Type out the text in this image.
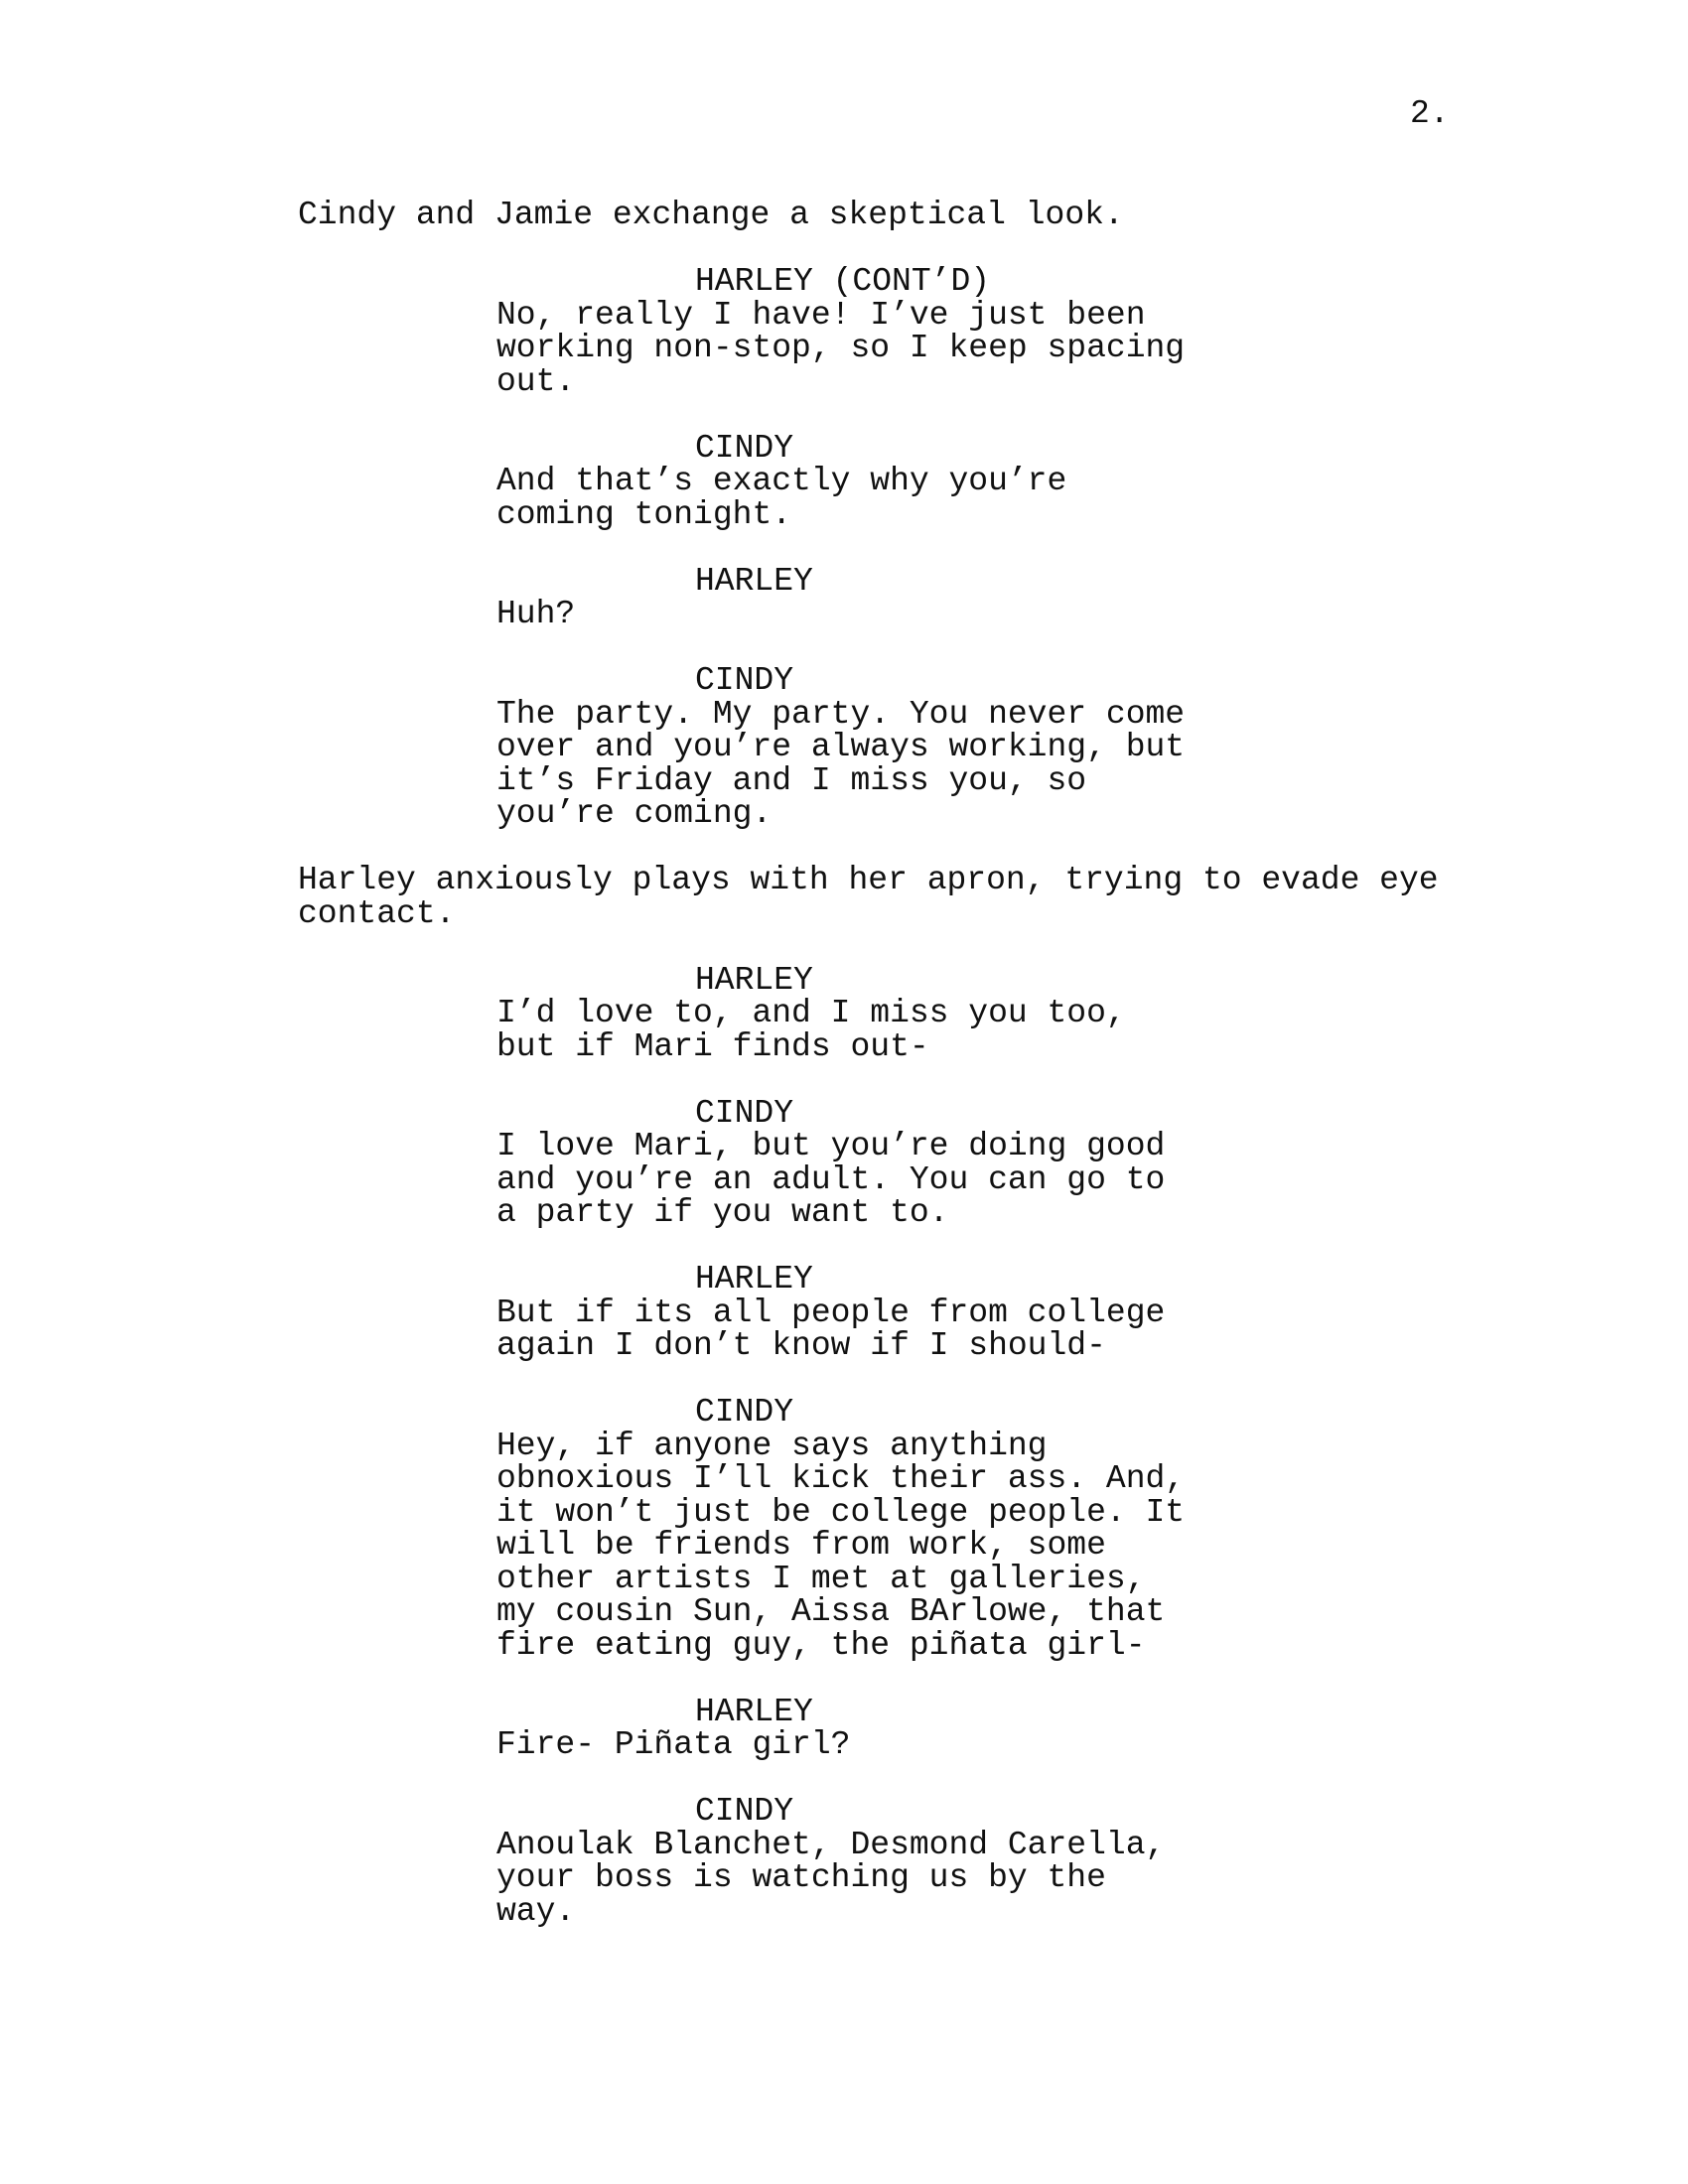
2.
Cindy and Jamie exchange a skeptical look.
HARLEY (CONT’D)
No, really I have! I’ve just been
working non-stop, so I keep spacing
out.
CINDY
And that’s exactly why you’re
coming tonight.
HARLEY
Huh?
CINDY
The party. My party. You never come
over and you’re always working, but
it’s Friday and I miss you, so
you’re coming.
Harley anxiously plays with her apron, trying to evade eye
contact.
HARLEY
I’d love to, and I miss you too,
but if Mari finds out-
CINDY
I love Mari, but you’re doing good
and you’re an adult. You can go to
a party if you want to.
HARLEY
But if its all people from college
again I don’t know if I should-
CINDY
Hey, if anyone says anything
obnoxious I’ll kick their ass. And,
it won’t just be college people. It
will be friends from work, some
other artists I met at galleries,
my cousin Sun, Aissa BArlowe, that
fire eating guy, the piñata girl-
HARLEY
Fire- Piñata girl?
CINDY
Anoulak Blanchet, Desmond Carella,
your boss is watching us by the
way.
